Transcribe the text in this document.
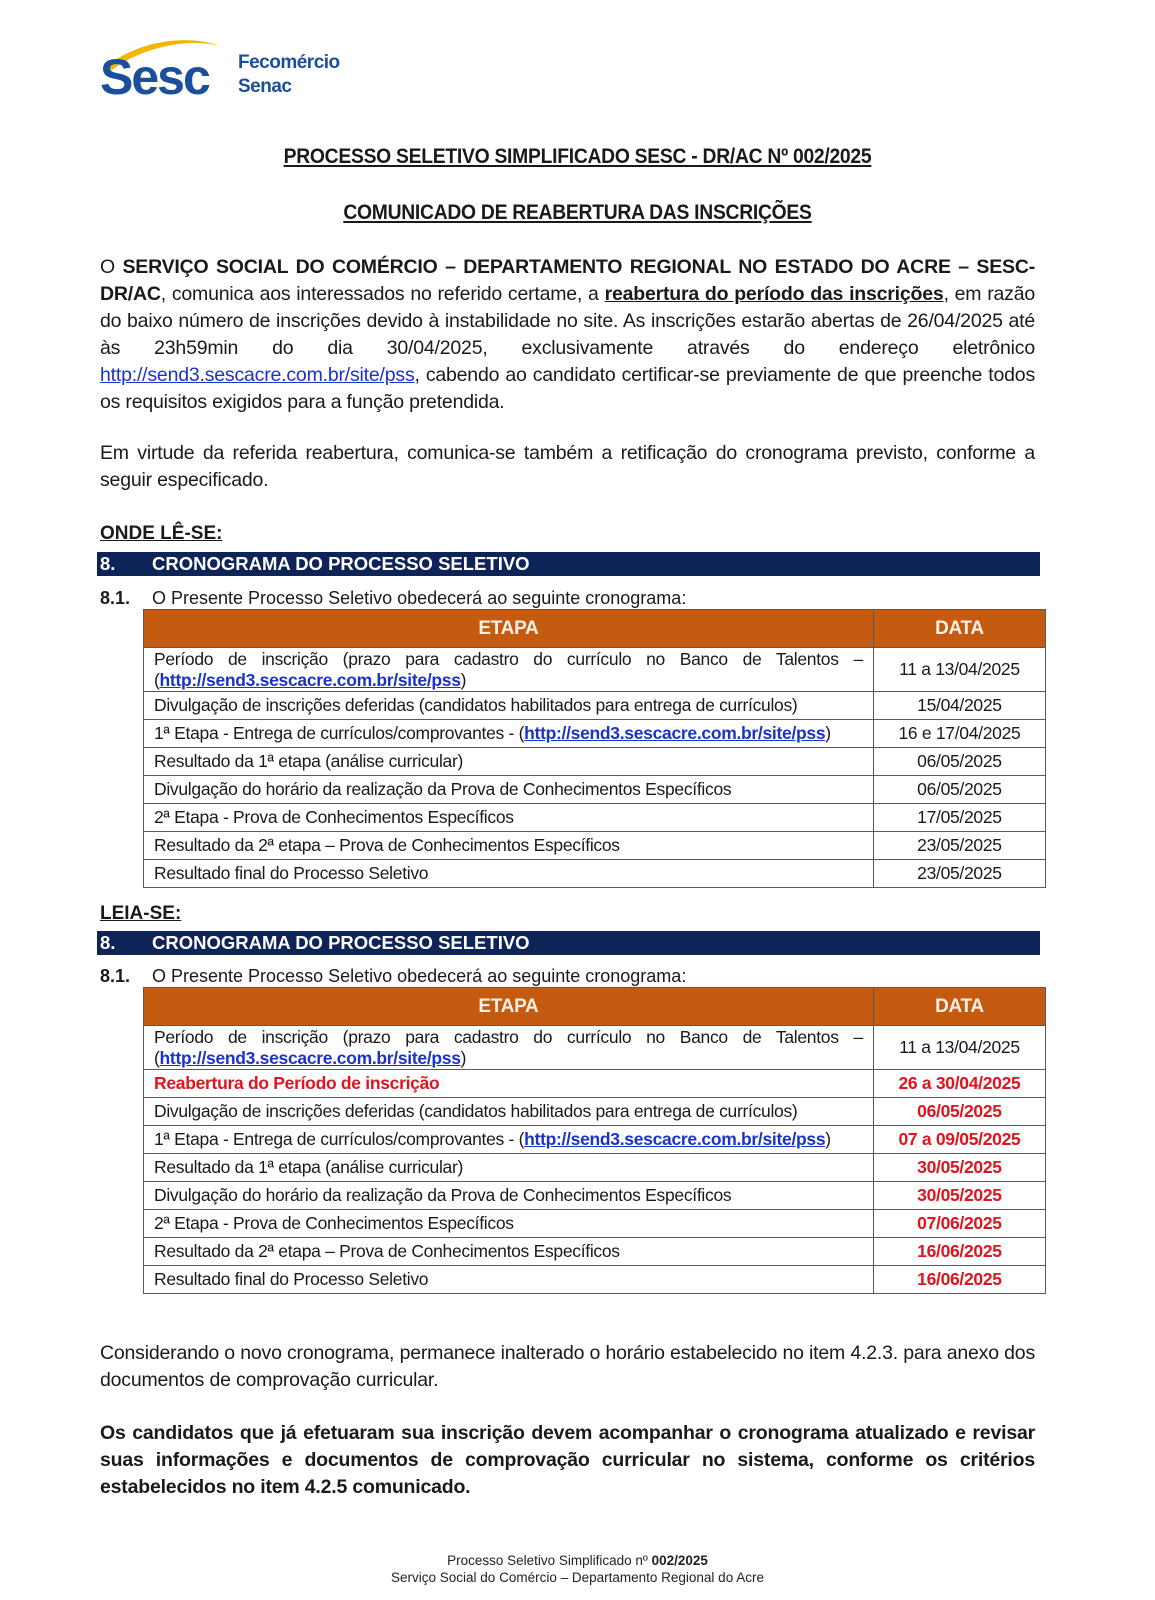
Sesc Fecomércio
Senac
PROCESSO SELETIVO SIMPLIFICADO SESC - DR/AC Nº 002/2025
COMUNICADO DE REABERTURA DAS INSCRIÇÕES
O SERVIÇO SOCIAL DO COMÉRCIO – DEPARTAMENTO REGIONAL NO ESTADO DO ACRE – SESC-DR/AC, comunica aos interessados no referido certame, a reabertura do período das inscrições, em razão do baixo número de inscrições devido à instabilidade no site. As inscrições estarão abertas de 26/04/2025 até às 23h59min do dia 30/04/2025, exclusivamente através do endereço eletrônico http://send3.sescacre.com.br/site/pss, cabendo ao candidato certificar-se previamente de que preenche todos os requisitos exigidos para a função pretendida.
Em virtude da referida reabertura, comunica-se também a retificação do cronograma previsto, conforme a seguir especificado.
ONDE LÊ-SE:
8. CRONOGRAMA DO PROCESSO SELETIVO
8.1. O Presente Processo Seletivo obedecerá ao seguinte cronograma:
ETAPA	DATA
Período de inscrição (prazo para cadastro do currículo no Banco de Talentos – (http://send3.sescacre.com.br/site/pss)	11 a 13/04/2025
Divulgação de inscrições deferidas (candidatos habilitados para entrega de currículos)	15/04/2025
1ª Etapa - Entrega de currículos/comprovantes - (http://send3.sescacre.com.br/site/pss)	16 e 17/04/2025
Resultado da 1ª etapa (análise curricular)	06/05/2025
Divulgação do horário da realização da Prova de Conhecimentos Específicos	06/05/2025
2ª Etapa - Prova de Conhecimentos Específicos	17/05/2025
Resultado da 2ª etapa – Prova de Conhecimentos Específicos	23/05/2025
Resultado final do Processo Seletivo	23/05/2025
LEIA-SE:
8. CRONOGRAMA DO PROCESSO SELETIVO
8.1. O Presente Processo Seletivo obedecerá ao seguinte cronograma:
ETAPA	DATA
Período de inscrição (prazo para cadastro do currículo no Banco de Talentos – (http://send3.sescacre.com.br/site/pss)	11 a 13/04/2025
Reabertura do Período de inscrição	26 a 30/04/2025
Divulgação de inscrições deferidas (candidatos habilitados para entrega de currículos)	06/05/2025
1ª Etapa - Entrega de currículos/comprovantes - (http://send3.sescacre.com.br/site/pss)	07 a 09/05/2025
Resultado da 1ª etapa (análise curricular)	30/05/2025
Divulgação do horário da realização da Prova de Conhecimentos Específicos	30/05/2025
2ª Etapa - Prova de Conhecimentos Específicos	07/06/2025
Resultado da 2ª etapa – Prova de Conhecimentos Específicos	16/06/2025
Resultado final do Processo Seletivo	16/06/2025
Considerando o novo cronograma, permanece inalterado o horário estabelecido no item 4.2.3. para anexo dos documentos de comprovação curricular.
Os candidatos que já efetuaram sua inscrição devem acompanhar o cronograma atualizado e revisar suas informações e documentos de comprovação curricular no sistema, conforme os critérios estabelecidos no item 4.2.5 comunicado.
Processo Seletivo Simplificado nº 002/2025
Serviço Social do Comércio – Departamento Regional do Acre
